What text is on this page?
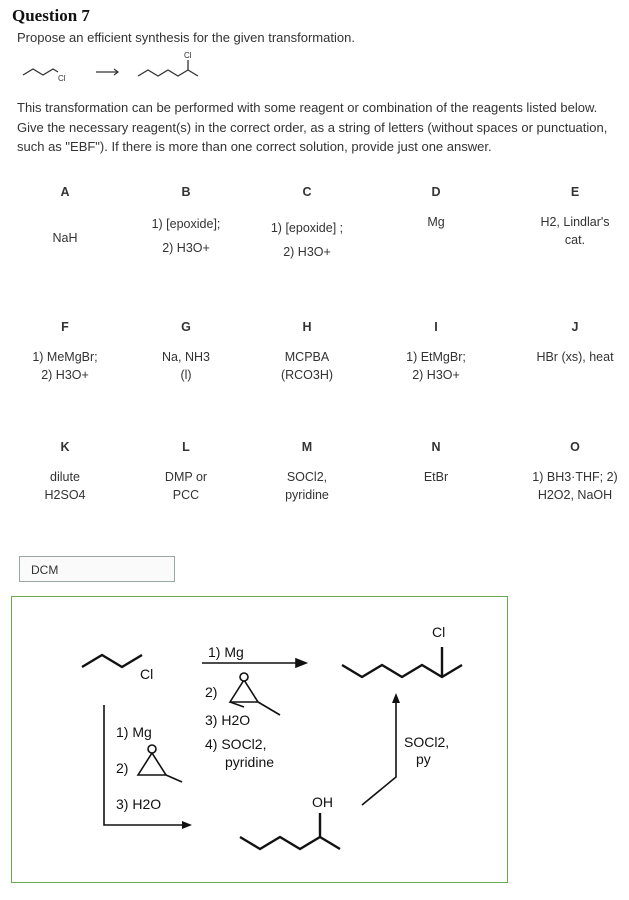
Question 7
Propose an efficient synthesis for the given transformation.
Cl
Cl
This transformation can be performed with some reagent or combination of the reagents listed below. Give the necessary reagent(s) in the correct order, as a string of letters (without spaces or punctuation, such as "EBF"). If there is more than one correct solution, provide just one answer.
A
NaH
B
1) [epoxide];
2) H3O+
C
1) [epoxide] ;
2) H3O+
D
Mg
E
H2, Lindlar's
cat.
F
1) MeMgBr;
2) H3O+
G
Na, NH3
(l)
H
MCPBA
(RCO3H)
I
1) EtMgBr;
2) H3O+
J
HBr (xs), heat
K
dilute
H2SO4
L
DMP or
PCC
M
SOCl2,
pyridine
N
EtBr
O
1) BH3·THF; 2)
H2O2, NaOH
DCM
Cl
1) Mg
2)
3) H2O
4) SOCl2,
pyridine
Cl
1) Mg
2)
3) H2O	OH
SOCl2,
py
